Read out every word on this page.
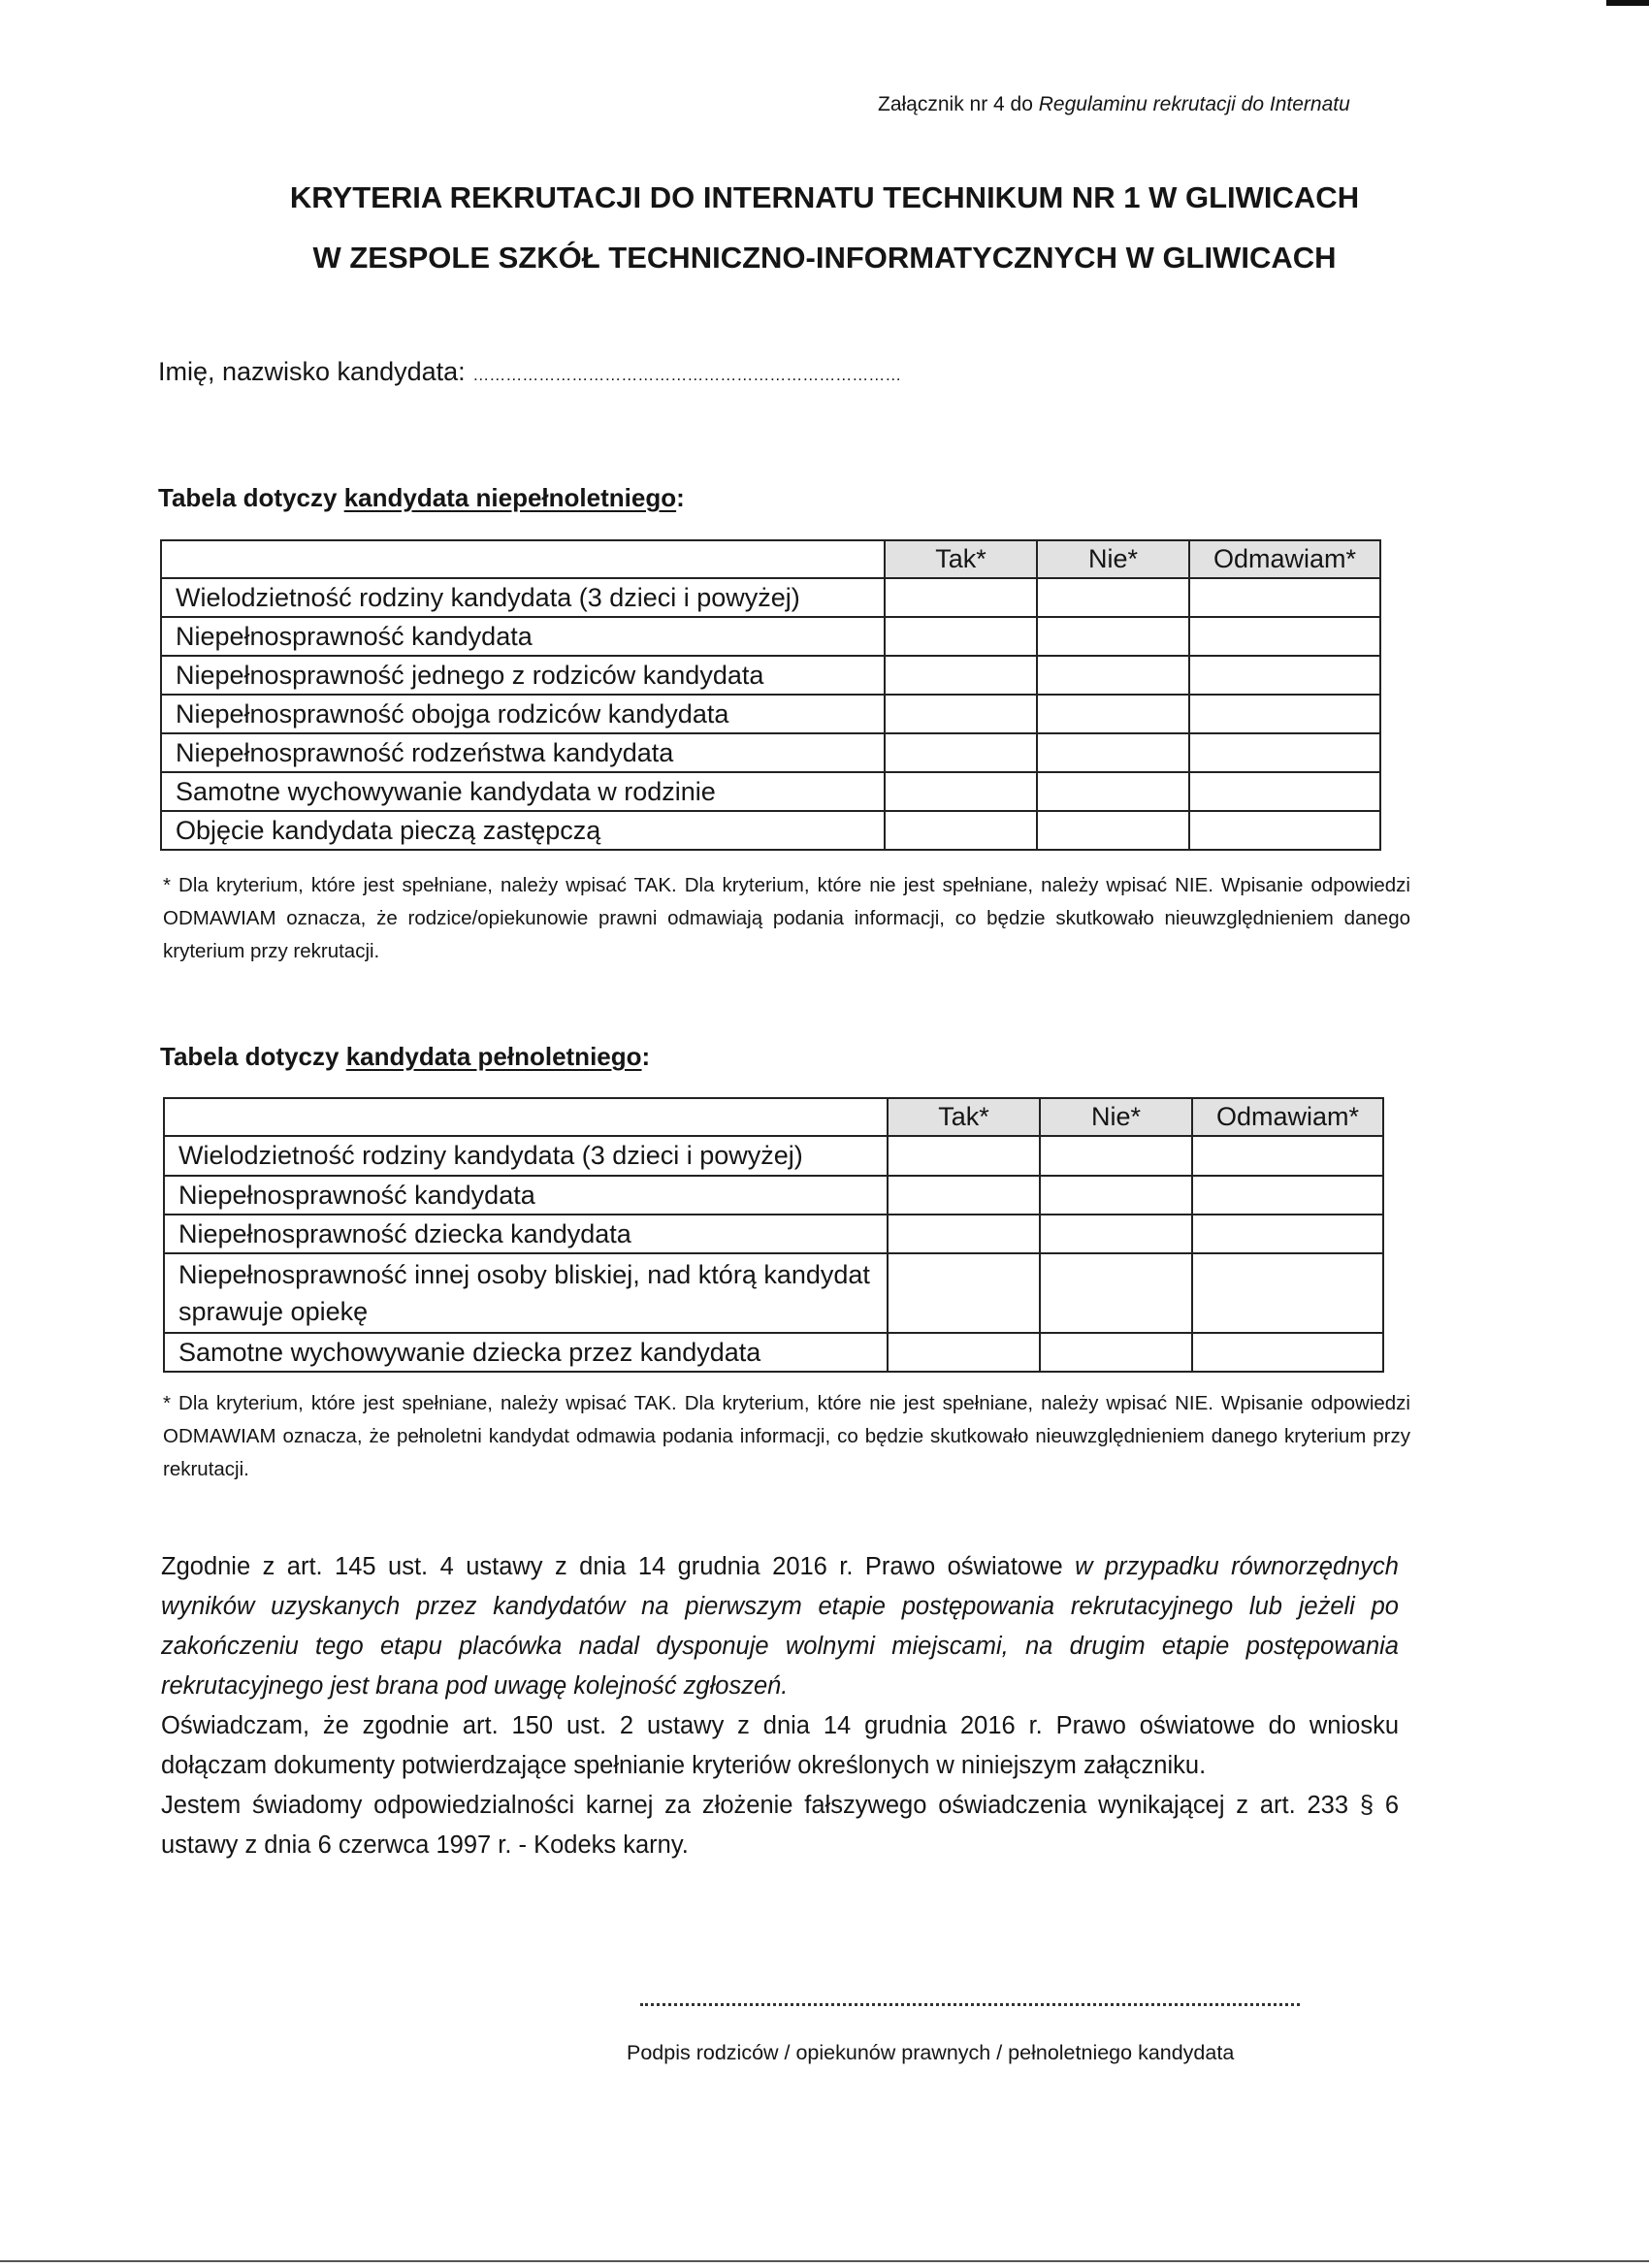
Załącznik nr 4 do Regulaminu rekrutacji do Internatu
KRYTERIA REKRUTACJI DO INTERNATU TECHNIKUM NR 1 W GLIWICACH
W ZESPOLE SZKÓŁ TECHNICZNO-INFORMATYCZNYCH W GLIWICACH
Imię, nazwisko kandydata: ……………………………………………………………………
Tabela dotyczy kandydata niepełnoletniego:
	Tak*	Nie*	Odmawiam*
Wielodzietność rodziny kandydata (3 dzieci i powyżej)			
Niepełnosprawność kandydata			
Niepełnosprawność jednego z rodziców kandydata			
Niepełnosprawność obojga rodziców kandydata			
Niepełnosprawność rodzeństwa kandydata			
Samotne wychowywanie kandydata w rodzinie			
Objęcie kandydata pieczą zastępczą			
* Dla kryterium, które jest spełniane, należy wpisać TAK. Dla kryterium, które nie jest spełniane, należy wpisać NIE. Wpisanie odpowiedzi ODMAWIAM oznacza, że rodzice/opiekunowie prawni odmawiają podania informacji, co będzie skutkowało nieuwzględnieniem danego kryterium przy rekrutacji.
Tabela dotyczy kandydata pełnoletniego:
	Tak*	Nie*	Odmawiam*
Wielodzietność rodziny kandydata (3 dzieci i powyżej)			
Niepełnosprawność kandydata			
Niepełnosprawność dziecka kandydata			
Niepełnosprawność innej osoby bliskiej, nad którą kandydat sprawuje opiekę			
Samotne wychowywanie dziecka przez kandydata			
* Dla kryterium, które jest spełniane, należy wpisać TAK. Dla kryterium, które nie jest spełniane, należy wpisać NIE. Wpisanie odpowiedzi ODMAWIAM oznacza, że pełnoletni kandydat odmawia podania informacji, co będzie skutkowało nieuwzględnieniem danego kryterium przy rekrutacji.

Zgodnie z art. 145 ust. 4 ustawy z dnia 14 grudnia 2016 r. Prawo oświatowe w przypadku równorzędnych wyników uzyskanych przez kandydatów na pierwszym etapie postępowania rekrutacyjnego lub jeżeli po zakończeniu tego etapu placówka nadal dysponuje wolnymi miejscami, na drugim etapie postępowania rekrutacyjnego jest brana pod uwagę kolejność zgłoszeń.

Oświadczam, że zgodnie art. 150 ust. 2 ustawy z dnia 14 grudnia 2016 r. Prawo oświatowe do wniosku dołączam dokumenty potwierdzające spełnianie kryteriów określonych w niniejszym załączniku.

Jestem świadomy odpowiedzialności karnej za złożenie fałszywego oświadczenia wynikającej z art. 233 § 6 ustawy z dnia 6 czerwca 1997 r. - Kodeks karny.

Podpis rodziców / opiekunów prawnych / pełnoletniego kandydata
